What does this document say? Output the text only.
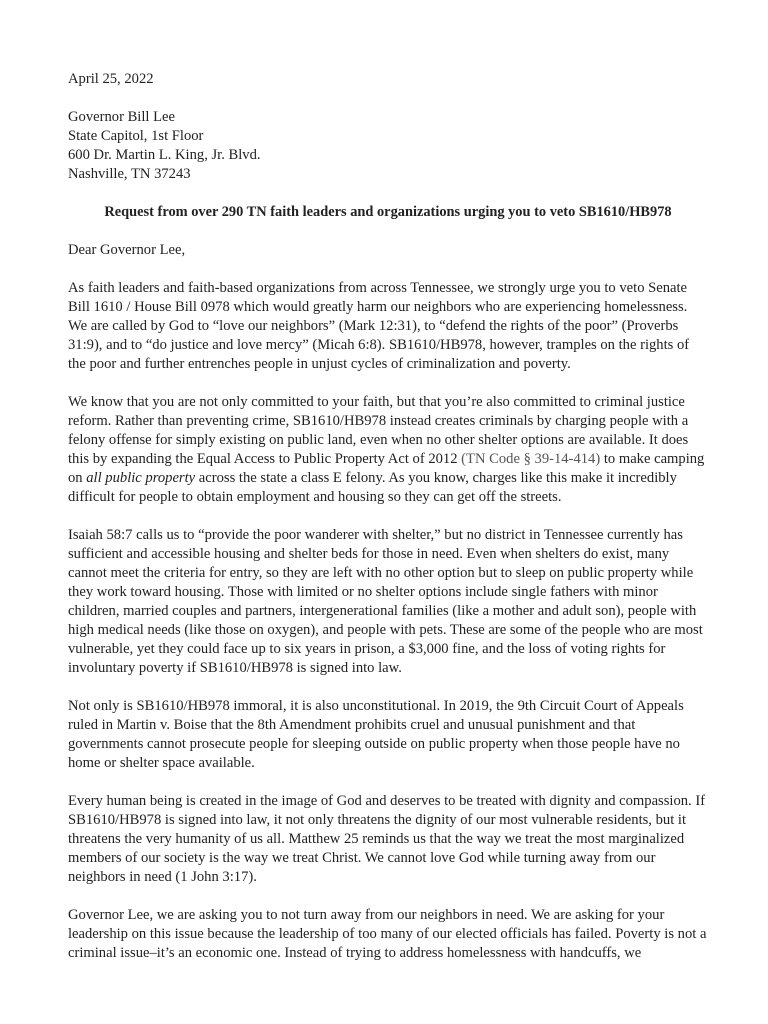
April 25, 2022
Governor Bill Lee
State Capitol, 1st Floor
600 Dr. Martin L. King, Jr. Blvd.
Nashville, TN 37243
Request from over 290 TN faith leaders and organizations urging you to veto SB1610/HB978
Dear Governor Lee,

As faith leaders and faith-based organizations from across Tennessee, we strongly urge you to veto Senate Bill 1610 / House Bill 0978 which would greatly harm our neighbors who are experiencing homelessness. We are called by God to “love our neighbors” (Mark 12:31), to “defend the rights of the poor” (Proverbs 31:9), and to “do justice and love mercy” (Micah 6:8). SB1610/HB978, however, tramples on the rights of the poor and further entrenches people in unjust cycles of criminalization and poverty.

We know that you are not only committed to your faith, but that you’re also committed to criminal justice reform. Rather than preventing crime, SB1610/HB978 instead creates criminals by charging people with a felony offense for simply existing on public land, even when no other shelter options are available. It does this by expanding the Equal Access to Public Property Act of 2012 (TN Code § 39-14-414) to make camping on all public property across the state a class E felony. As you know, charges like this make it incredibly difficult for people to obtain employment and housing so they can get off the streets.

Isaiah 58:7 calls us to “provide the poor wanderer with shelter,” but no district in Tennessee currently has sufficient and accessible housing and shelter beds for those in need. Even when shelters do exist, many cannot meet the criteria for entry, so they are left with no other option but to sleep on public property while they work toward housing. Those with limited or no shelter options include single fathers with minor children, married couples and partners, intergenerational families (like a mother and adult son), people with high medical needs (like those on oxygen), and people with pets. These are some of the people who are most vulnerable, yet they could face up to six years in prison, a $3,000 fine, and the loss of voting rights for involuntary poverty if SB1610/HB978 is signed into law.

Not only is SB1610/HB978 immoral, it is also unconstitutional. In 2019, the 9th Circuit Court of Appeals ruled in Martin v. Boise that the 8th Amendment prohibits cruel and unusual punishment and that governments cannot prosecute people for sleeping outside on public property when those people have no home or shelter space available.

Every human being is created in the image of God and deserves to be treated with dignity and compassion. If SB1610/HB978 is signed into law, it not only threatens the dignity of our most vulnerable residents, but it threatens the very humanity of us all. Matthew 25 reminds us that the way we treat the most marginalized members of our society is the way we treat Christ. We cannot love God while turning away from our neighbors in need (1 John 3:17).

Governor Lee, we are asking you to not turn away from our neighbors in need. We are asking for your leadership on this issue because the leadership of too many of our elected officials has failed. Poverty is not a criminal issue–it’s an economic one. Instead of trying to address homelessness with handcuffs, we
